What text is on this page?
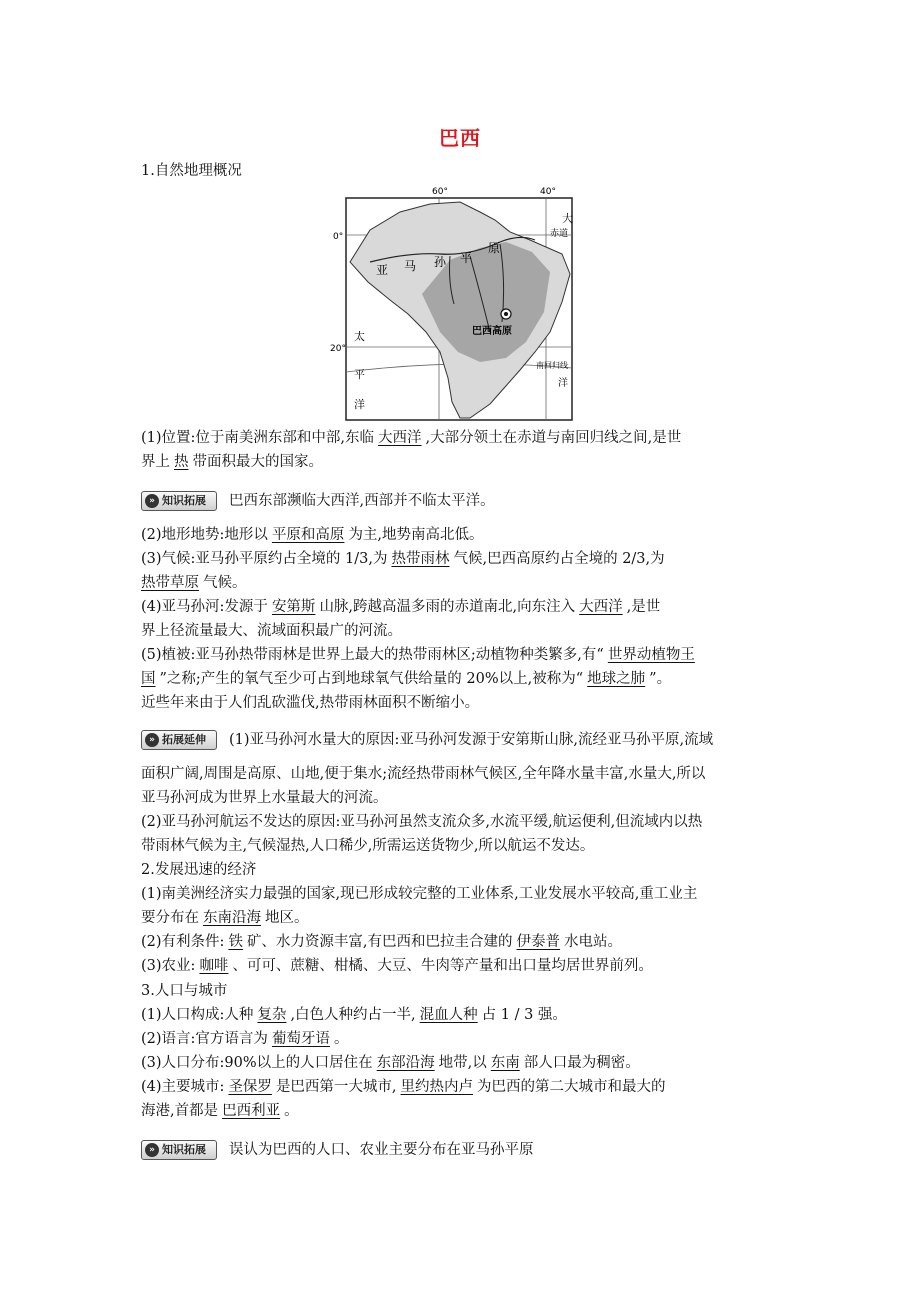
巴西
1.自然地理概况
60°	40°
0°
20°
亚 马 孙 平
原
大
赤道
太
平
洋
巴西高原
南回归线
洋
(1)位置:位于南美洲东部和中部,东临 大西洋 ,大部分领土在赤道与南回归线之间,是世
界上 热 带面积最大的国家。
» 知识拓展 巴西东部濒临大西洋,西部并不临太平洋。
(2)地形地势:地形以 平原和高原 为主,地势南高北低。
(3)气候:亚马孙平原约占全境的 1/3,为 热带雨林 气候,巴西高原约占全境的 2/3,为
热带草原 气候。
(4)亚马孙河:发源于 安第斯 山脉,跨越高温多雨的赤道南北,向东注入 大西洋 ,是世
界上径流量最大、流域面积最广的河流。
(5)植被:亚马孙热带雨林是世界上最大的热带雨林区;动植物种类繁多,有“ 世界动植物王
国 ”之称;产生的氧气至少可占到地球氧气供给量的 20%以上,被称为“ 地球之肺 ”。
近些年来由于人们乱砍滥伐,热带雨林面积不断缩小。
» 拓展延伸 (1)亚马孙河水量大的原因:亚马孙河发源于安第斯山脉,流经亚马孙平原,流域
面积广阔,周围是高原、山地,便于集水;流经热带雨林气候区,全年降水量丰富,水量大,所以
亚马孙河成为世界上水量最大的河流。
(2)亚马孙河航运不发达的原因:亚马孙河虽然支流众多,水流平缓,航运便利,但流域内以热
带雨林气候为主,气候湿热,人口稀少,所需运送货物少,所以航运不发达。
2.发展迅速的经济
(1)南美洲经济实力最强的国家,现已形成较完整的工业体系,工业发展水平较高,重工业主
要分布在 东南沿海 地区。
(2)有利条件: 铁 矿、水力资源丰富,有巴西和巴拉圭合建的 伊泰普 水电站。
(3)农业: 咖啡 、可可、蔗糖、柑橘、大豆、牛肉等产量和出口量均居世界前列。
3.人口与城市
(1)人口构成:人种 复杂 ,白色人种约占一半, 混血人种 占 1 / 3 强。
(2)语言:官方语言为 葡萄牙语 。
(3)人口分布:90%以上的人口居住在 东部沿海 地带,以 东南 部人口最为稠密。
(4)主要城市: 圣保罗 是巴西第一大城市, 里约热内卢 为巴西的第二大城市和最大的
海港,首都是 巴西利亚 。
» 知识拓展 误认为巴西的人口、农业主要分布在亚马孙平原
